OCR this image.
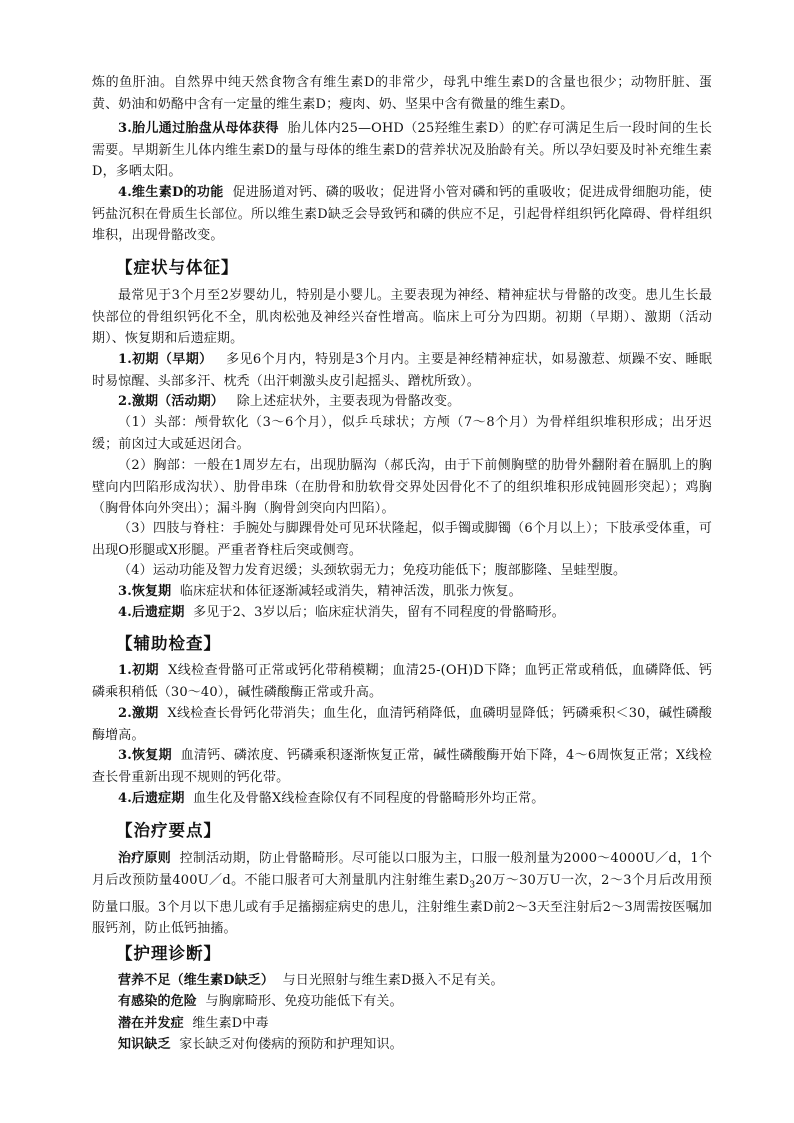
炼的鱼肝油。自然界中纯天然食物含有维生素D的非常少，母乳中维生素D的含量也很少；动物肝脏、蛋黄、奶油和奶酪中含有一定量的维生素D；瘦肉、奶、坚果中含有微量的维生素D。
3.胎儿通过胎盘从母体获得 胎儿体内25—OHD（25羟维生素D）的贮存可满足生后一段时间的生长需要。早期新生儿体内维生素D的量与母体的维生素D的营养状况及胎龄有关。所以孕妇要及时补充维生素D，多晒太阳。
4.维生素D的功能 促进肠道对钙、磷的吸收；促进肾小管对磷和钙的重吸收；促进成骨细胞功能，使钙盐沉积在骨质生长部位。所以维生素D缺乏会导致钙和磷的供应不足，引起骨样组织钙化障碍、骨样组织堆积，出现骨骼改变。
【症状与体征】
最常见于3个月至2岁婴幼儿，特别是小婴儿。主要表现为神经、精神症状与骨骼的改变。患儿生长最快部位的骨组织钙化不全，肌肉松弛及神经兴奋性增高。临床上可分为四期。初期（早期）、激期（活动期）、恢复期和后遗症期。
1.初期（早期） 多见6个月内，特别是3个月内。主要是神经精神症状，如易激惹、烦躁不安、睡眠时易惊醒、头部多汗、枕秃（出汗刺激头皮引起摇头、蹭枕所致）。
2.激期（活动期） 除上述症状外，主要表现为骨骼改变。
（1）头部：颅骨软化（3～6个月），似乒乓球状；方颅（7～8个月）为骨样组织堆积形成；出牙迟缓；前囟过大或延迟闭合。
（2）胸部：一般在1周岁左右，出现肋膈沟（郝氏沟，由于下前侧胸壁的肋骨外翻附着在膈肌上的胸壁向内凹陷形成沟状）、肋骨串珠（在肋骨和肋软骨交界处因骨化不了的组织堆积形成钝圆形突起）；鸡胸（胸骨体向外突出）；漏斗胸（胸骨剑突向内凹陷）。
（3）四肢与脊柱：手腕处与脚踝骨处可见环状隆起，似手镯或脚镯（6个月以上）；下肢承受体重，可出现O形腿或X形腿。严重者脊柱后突或侧弯。
（4）运动功能及智力发育迟缓；头颈软弱无力；免疫功能低下；腹部膨隆、呈蛙型腹。
3.恢复期 临床症状和体征逐渐减轻或消失，精神活泼，肌张力恢复。
4.后遗症期 多见于2、3岁以后；临床症状消失，留有不同程度的骨骼畸形。
【辅助检查】
1.初期 X线检查骨骼可正常或钙化带稍模糊；血清25-(OH)D下降；血钙正常或稍低，血磷降低、钙磷乘积稍低（30～40），碱性磷酸酶正常或升高。
2.激期 X线检查长骨钙化带消失；血生化，血清钙稍降低，血磷明显降低；钙磷乘积＜30，碱性磷酸酶增高。
3.恢复期 血清钙、磷浓度、钙磷乘积逐渐恢复正常，碱性磷酸酶开始下降，4～6周恢复正常；X线检查长骨重新出现不规则的钙化带。
4.后遗症期 血生化及骨骼X线检查除仅有不同程度的骨骼畸形外均正常。
【治疗要点】
治疗原则 控制活动期，防止骨骼畸形。尽可能以口服为主，口服一般剂量为2000～4000U／d，1个月后改预防量400U／d。不能口服者可大剂量肌内注射维生素$D_320$万～30万U一次，2～3个月后改用预防量口服。3个月以下患儿或有手足搐搦症病史的患儿，注射维生素D前2～3天至注射后2～3周需按医嘱加服钙剂，防止低钙抽搐。
【护理诊断】
营养不足（维生素D缺乏） 与日光照射与维生素D摄入不足有关。
有感染的危险 与胸廓畸形、免疫功能低下有关。
潜在并发症 维生素D中毒
知识缺乏 家长缺乏对佝偻病的预防和护理知识。
